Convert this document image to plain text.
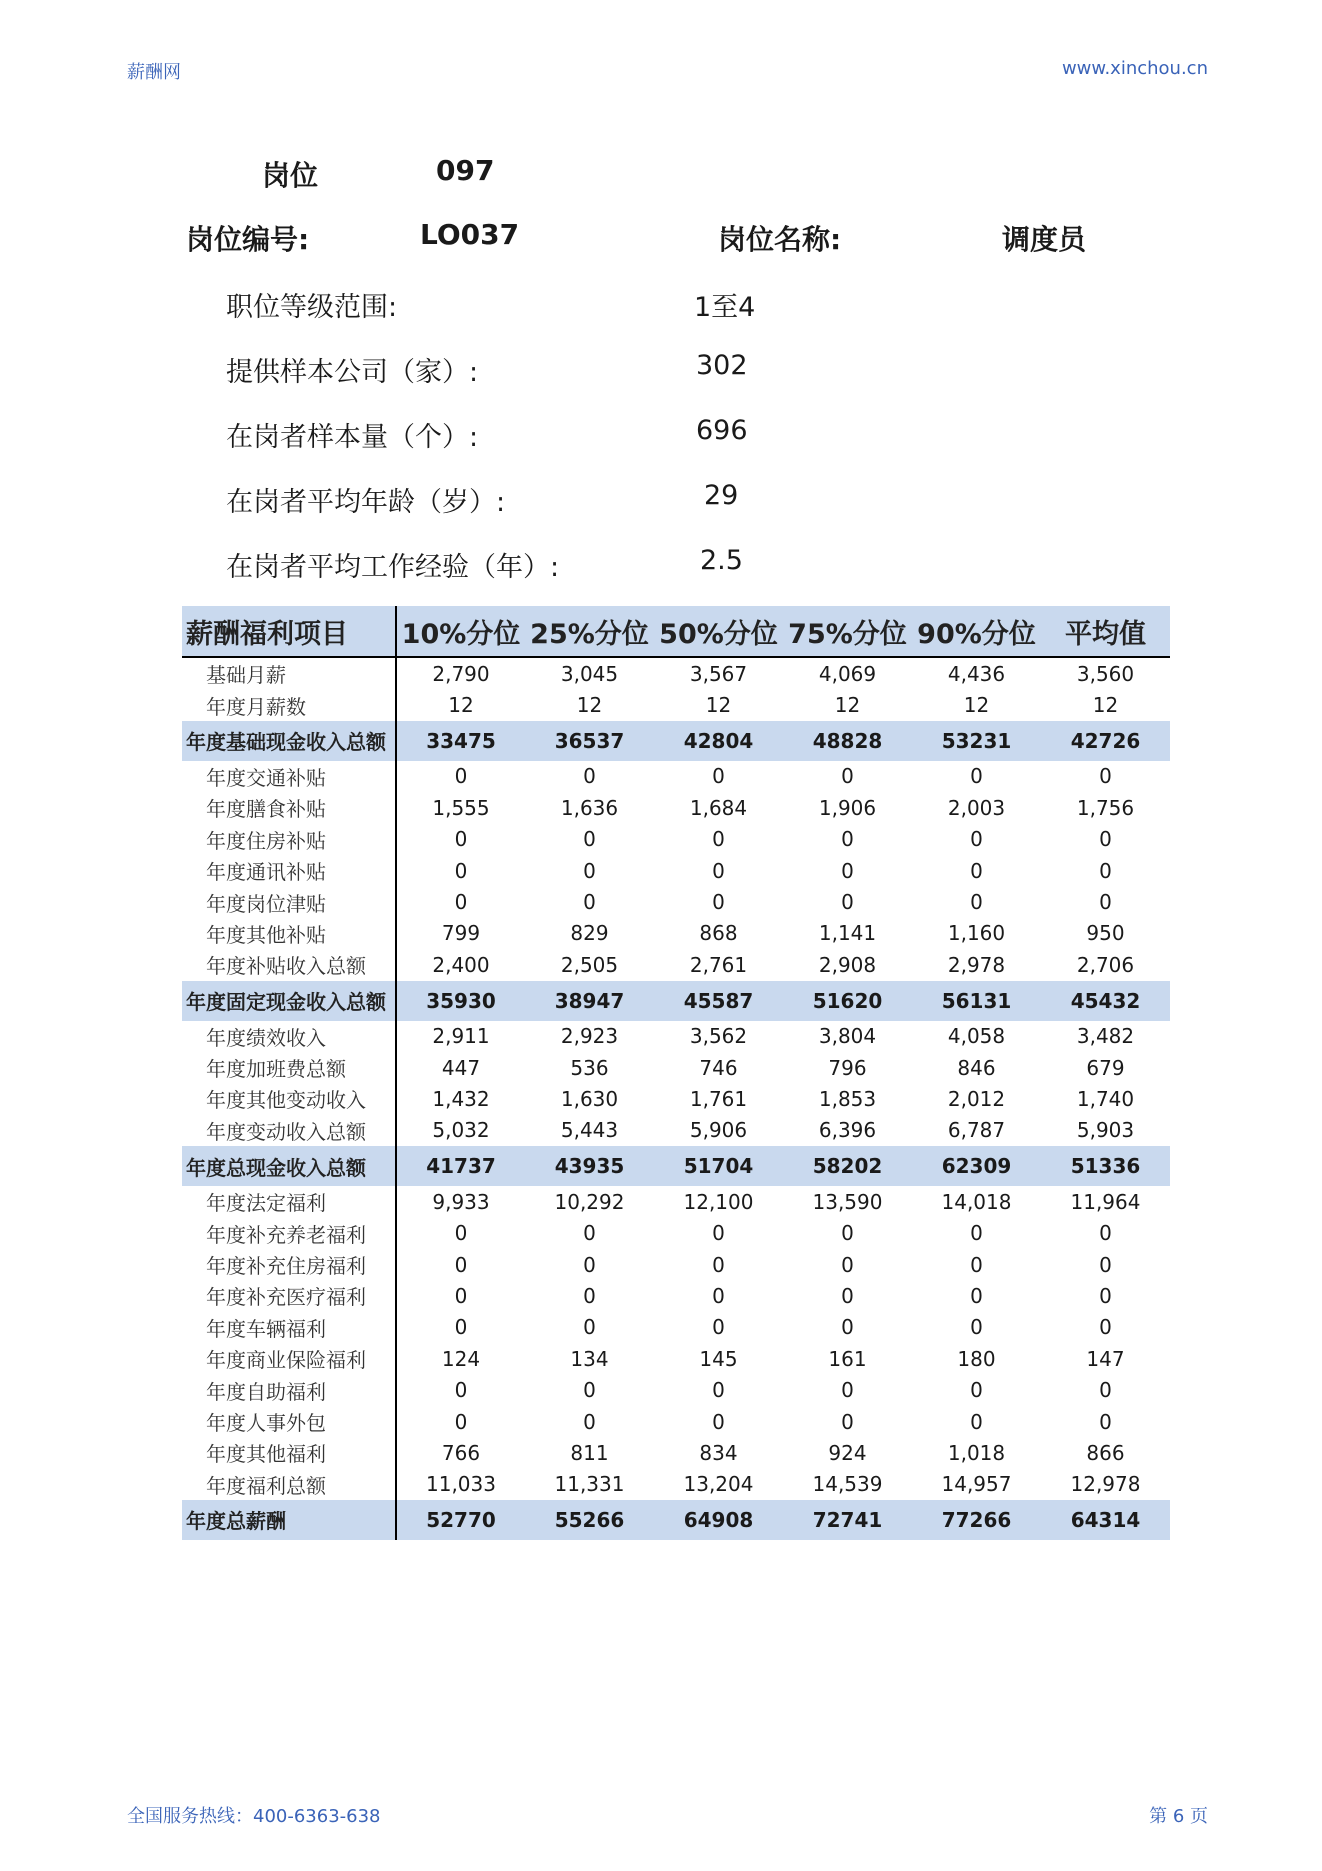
薪酬网	www.xinchou.cn
岗位	097
岗位编号:	LO037	岗位名称:	调度员
职位等级范围:	1至4
提供样本公司（家）:	302
在岗者样本量（个）:	696
在岗者平均年龄（岁）:	29
在岗者平均工作经验（年）:	2.5
薪酬福利项目	10%分位	25%分位	50%分位	75%分位	90%分位	平均值
基础月薪	2,790	3,045	3,567	4,069	4,436	3,560
年度月薪数	12	12	12	12	12	12
年度基础现金收入总额	33475	36537	42804	48828	53231	42726
年度交通补贴	0	0	0	0	0	0
年度膳食补贴	1,555	1,636	1,684	1,906	2,003	1,756
年度住房补贴	0	0	0	0	0	0
年度通讯补贴	0	0	0	0	0	0
年度岗位津贴	0	0	0	0	0	0
年度其他补贴	799	829	868	1,141	1,160	950
年度补贴收入总额	2,400	2,505	2,761	2,908	2,978	2,706
年度固定现金收入总额	35930	38947	45587	51620	56131	45432
年度绩效收入	2,911	2,923	3,562	3,804	4,058	3,482
年度加班费总额	447	536	746	796	846	679
年度其他变动收入	1,432	1,630	1,761	1,853	2,012	1,740
年度变动收入总额	5,032	5,443	5,906	6,396	6,787	5,903
年度总现金收入总额	41737	43935	51704	58202	62309	51336
年度法定福利	9,933	10,292	12,100	13,590	14,018	11,964
年度补充养老福利	0	0	0	0	0	0
年度补充住房福利	0	0	0	0	0	0
年度补充医疗福利	0	0	0	0	0	0
年度车辆福利	0	0	0	0	0	0
年度商业保险福利	124	134	145	161	180	147
年度自助福利	0	0	0	0	0	0
年度人事外包	0	0	0	0	0	0
年度其他福利	766	811	834	924	1,018	866
年度福利总额	11,033	11,331	13,204	14,539	14,957	12,978
年度总薪酬	52770	55266	64908	72741	77266	64314
全国服务热线：400-6363-638	第 6 页
